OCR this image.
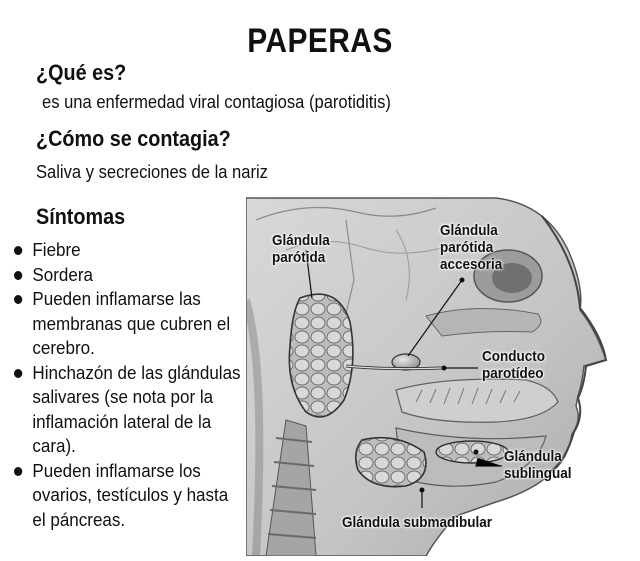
PAPERAS
¿Qué es?
es una enfermedad viral contagiosa (parotiditis)
¿Cómo se contagia?
Saliva y secreciones de la nariz
Síntomas
Fiebre
Sordera
Pueden inflamarse las membranas que cubren el cerebro.
Hinchazón de las glándulas salivares (se nota por la inflamación lateral de la cara).
Pueden inflamarse los ovarios, testículos y hasta el páncreas.
Glándula
parótida
Glándula
parótida
accesoria
Conducto
parotídeo
Glándula
sublingual
Glándula submadibular
